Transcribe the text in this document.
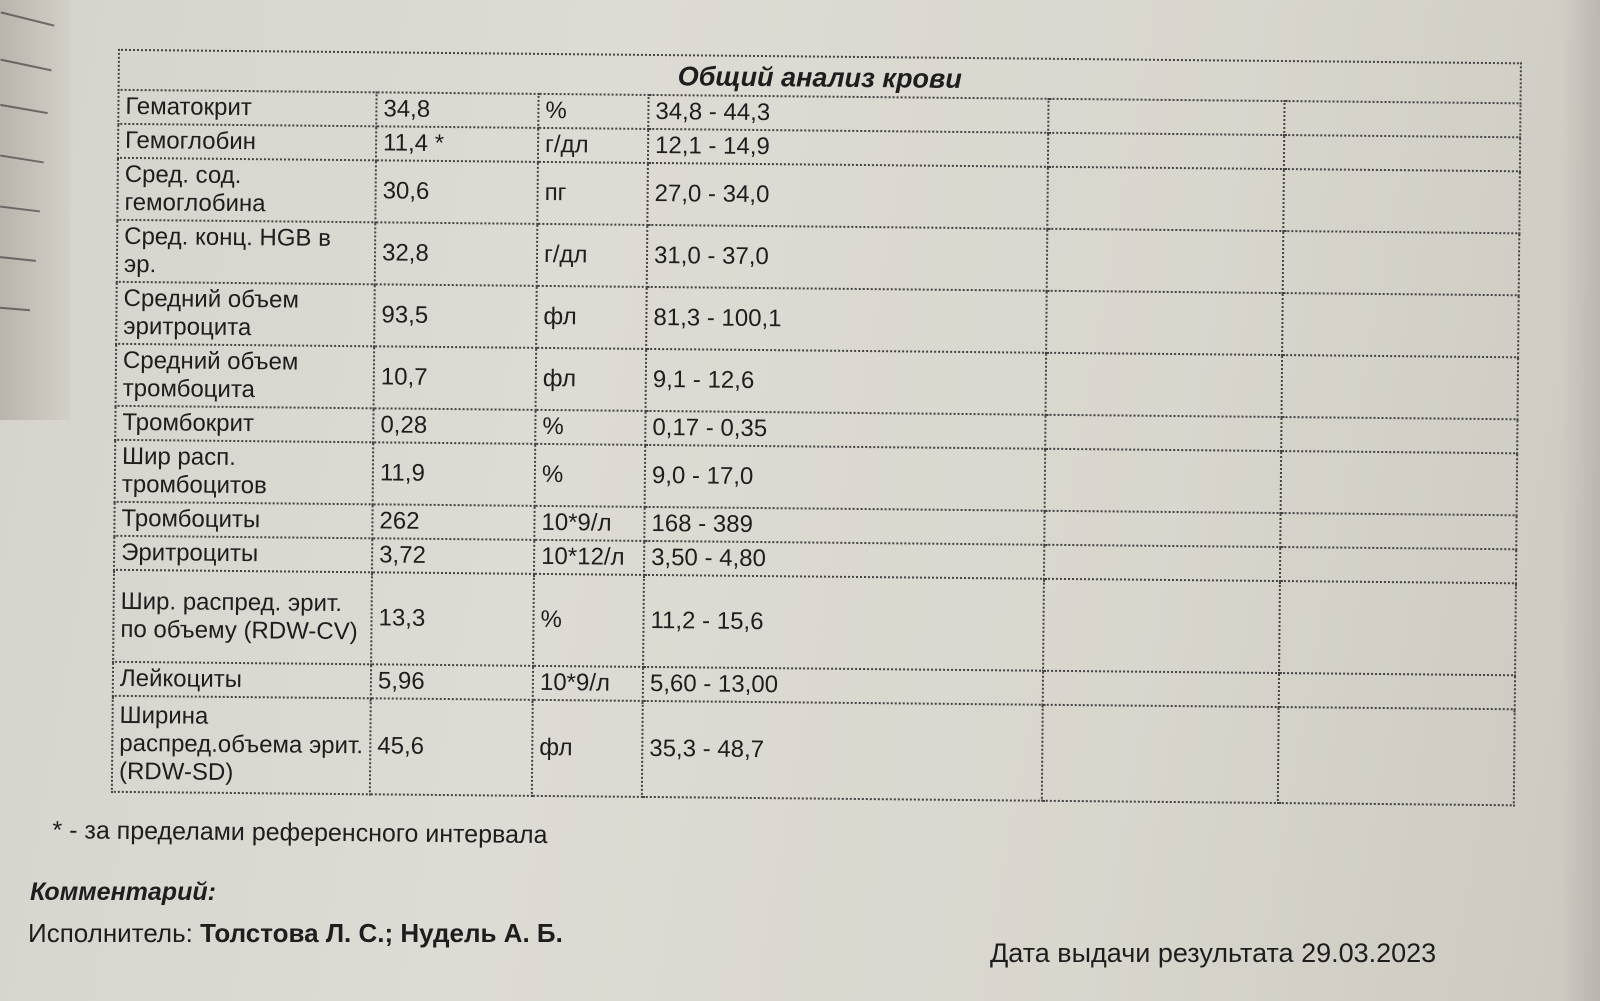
Общий анализ крови
Гематокрит	34,8	%	34,8 - 44,3		
Гемоглобин	11,4 *	г/дл	12,1 - 14,9		
Сред. сод. гемоглобина	30,6	пг	27,0 - 34,0		
Сред. конц. HGB в эр.	32,8	г/дл	31,0 - 37,0		
Средний объем эритроцита	93,5	фл	81,3 - 100,1		
Средний объем тромбоцита	10,7	фл	9,1 - 12,6		
Тромбокрит	0,28	%	0,17 - 0,35		
Шир расп. тромбоцитов	11,9	%	9,0 - 17,0		
Тромбоциты	262	10*9/л	168 - 389		
Эритроциты	3,72	10*12/л	3,50 - 4,80		
Шир. распред. эрит. по объему (RDW-CV)	13,3	%	11,2 - 15,6		
Лейкоциты	5,96	10*9/л	5,60 - 13,00		
Ширина распред.объема эрит. (RDW-SD)	45,6	фл	35,3 - 48,7		
* - за пределами референсного интервала
Комментарий:
Исполнитель: Толстова Л. С.; Нудель А. Б.
Дата выдачи результата 29.03.2023
